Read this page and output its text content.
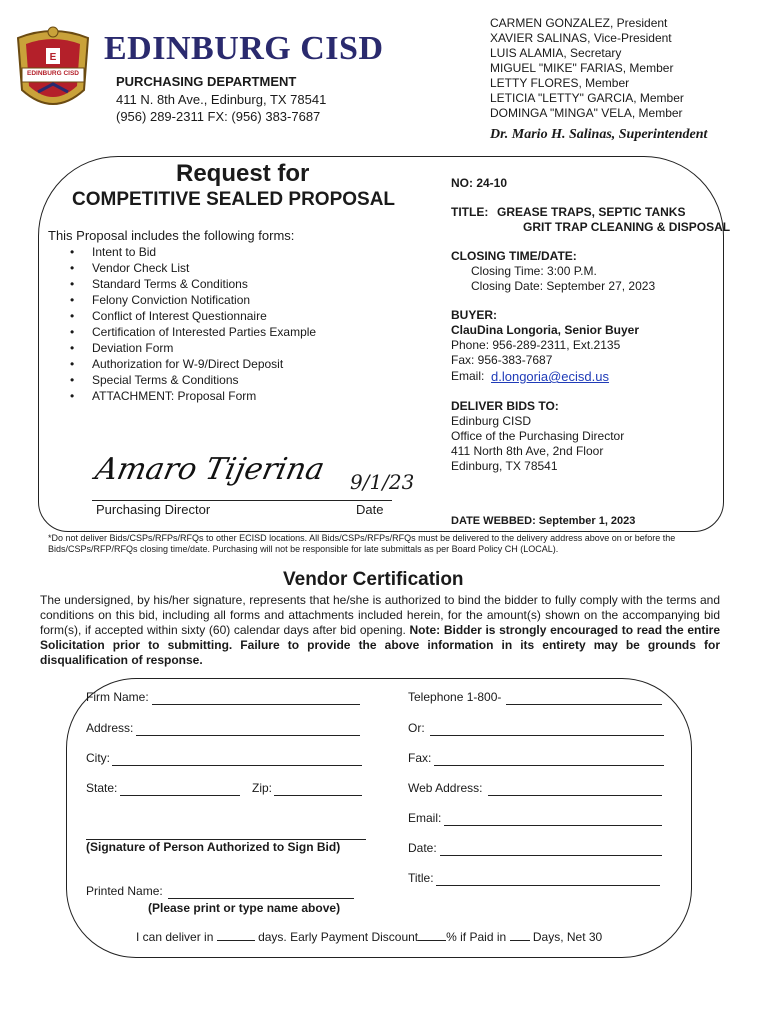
E
EDINBURG CISD
EDINBURG CISD
PURCHASING DEPARTMENT
411 N. 8th Ave., Edinburg, TX 78541
(956) 289-2311 FX: (956) 383-7687
CARMEN GONZALEZ, President
XAVIER SALINAS, Vice-President
LUIS ALAMIA, Secretary
MIGUEL "MIKE" FARIAS, Member
LETTY FLORES, Member
LETICIA "LETTY" GARCIA, Member
DOMINGA "MINGA" VELA, Member
Dr. Mario H. Salinas, Superintendent
Request for
COMPETITIVE SEALED PROPOSAL
This Proposal includes the following forms:
• Intent to Bid
• Vendor Check List
• Standard Terms & Conditions
• Felony Conviction Notification
• Conflict of Interest Questionnaire
• Certification of Interested Parties Example
• Deviation Form
• Authorization for W-9/Direct Deposit
• Special Terms & Conditions
• ATTACHMENT: Proposal Form
Amaro Tijerina 9/1/23
Purchasing Director	Date
NO: 24-10
TITLE: GREASE TRAPS, SEPTIC TANKS
GRIT TRAP CLEANING & DISPOSAL
CLOSING TIME/DATE:
Closing Time: 3:00 P.M.
Closing Date: September 27, 2023
BUYER:
ClauDina Longoria, Senior Buyer
Phone: 956-289-2311, Ext.2135
Fax: 956-383-7687
Email: d.longoria@ecisd.us
DELIVER BIDS TO:
Edinburg CISD
Office of the Purchasing Director
411 North 8th Ave, 2nd Floor
Edinburg, TX 78541
DATE WEBBED: September 1, 2023
*Do not deliver Bids/CSPs/RFPs/RFQs to other ECISD locations. All Bids/CSPs/RFPs/RFQs must be delivered to the delivery address above on or before the Bids/CSPs/RFP/RFQs closing time/date. Purchasing will not be responsible for late submittals as per Board Policy CH (LOCAL).
Vendor Certification
The undersigned, by his/her signature, represents that he/she is authorized to bind the bidder to fully comply with the terms and conditions on this bid, including all forms and attachments included herein, for the amount(s) shown on the accompanying bid form(s), if accepted within sixty (60) calendar days after bid opening. Note: Bidder is strongly encouraged to read the entire Solicitation prior to submitting. Failure to provide the above information in its entirety may be grounds for disqualification of response.
Firm Name:
Address:
City:
State:	Zip:
(Signature of Person Authorized to Sign Bid)
Printed Name:
(Please print or type name above)
Telephone 1-800-
Or:
Fax:
Web Address:
Email:
Date:
Title:
I can deliver in	days. Early Payment Discount % if Paid in Days, Net 30
